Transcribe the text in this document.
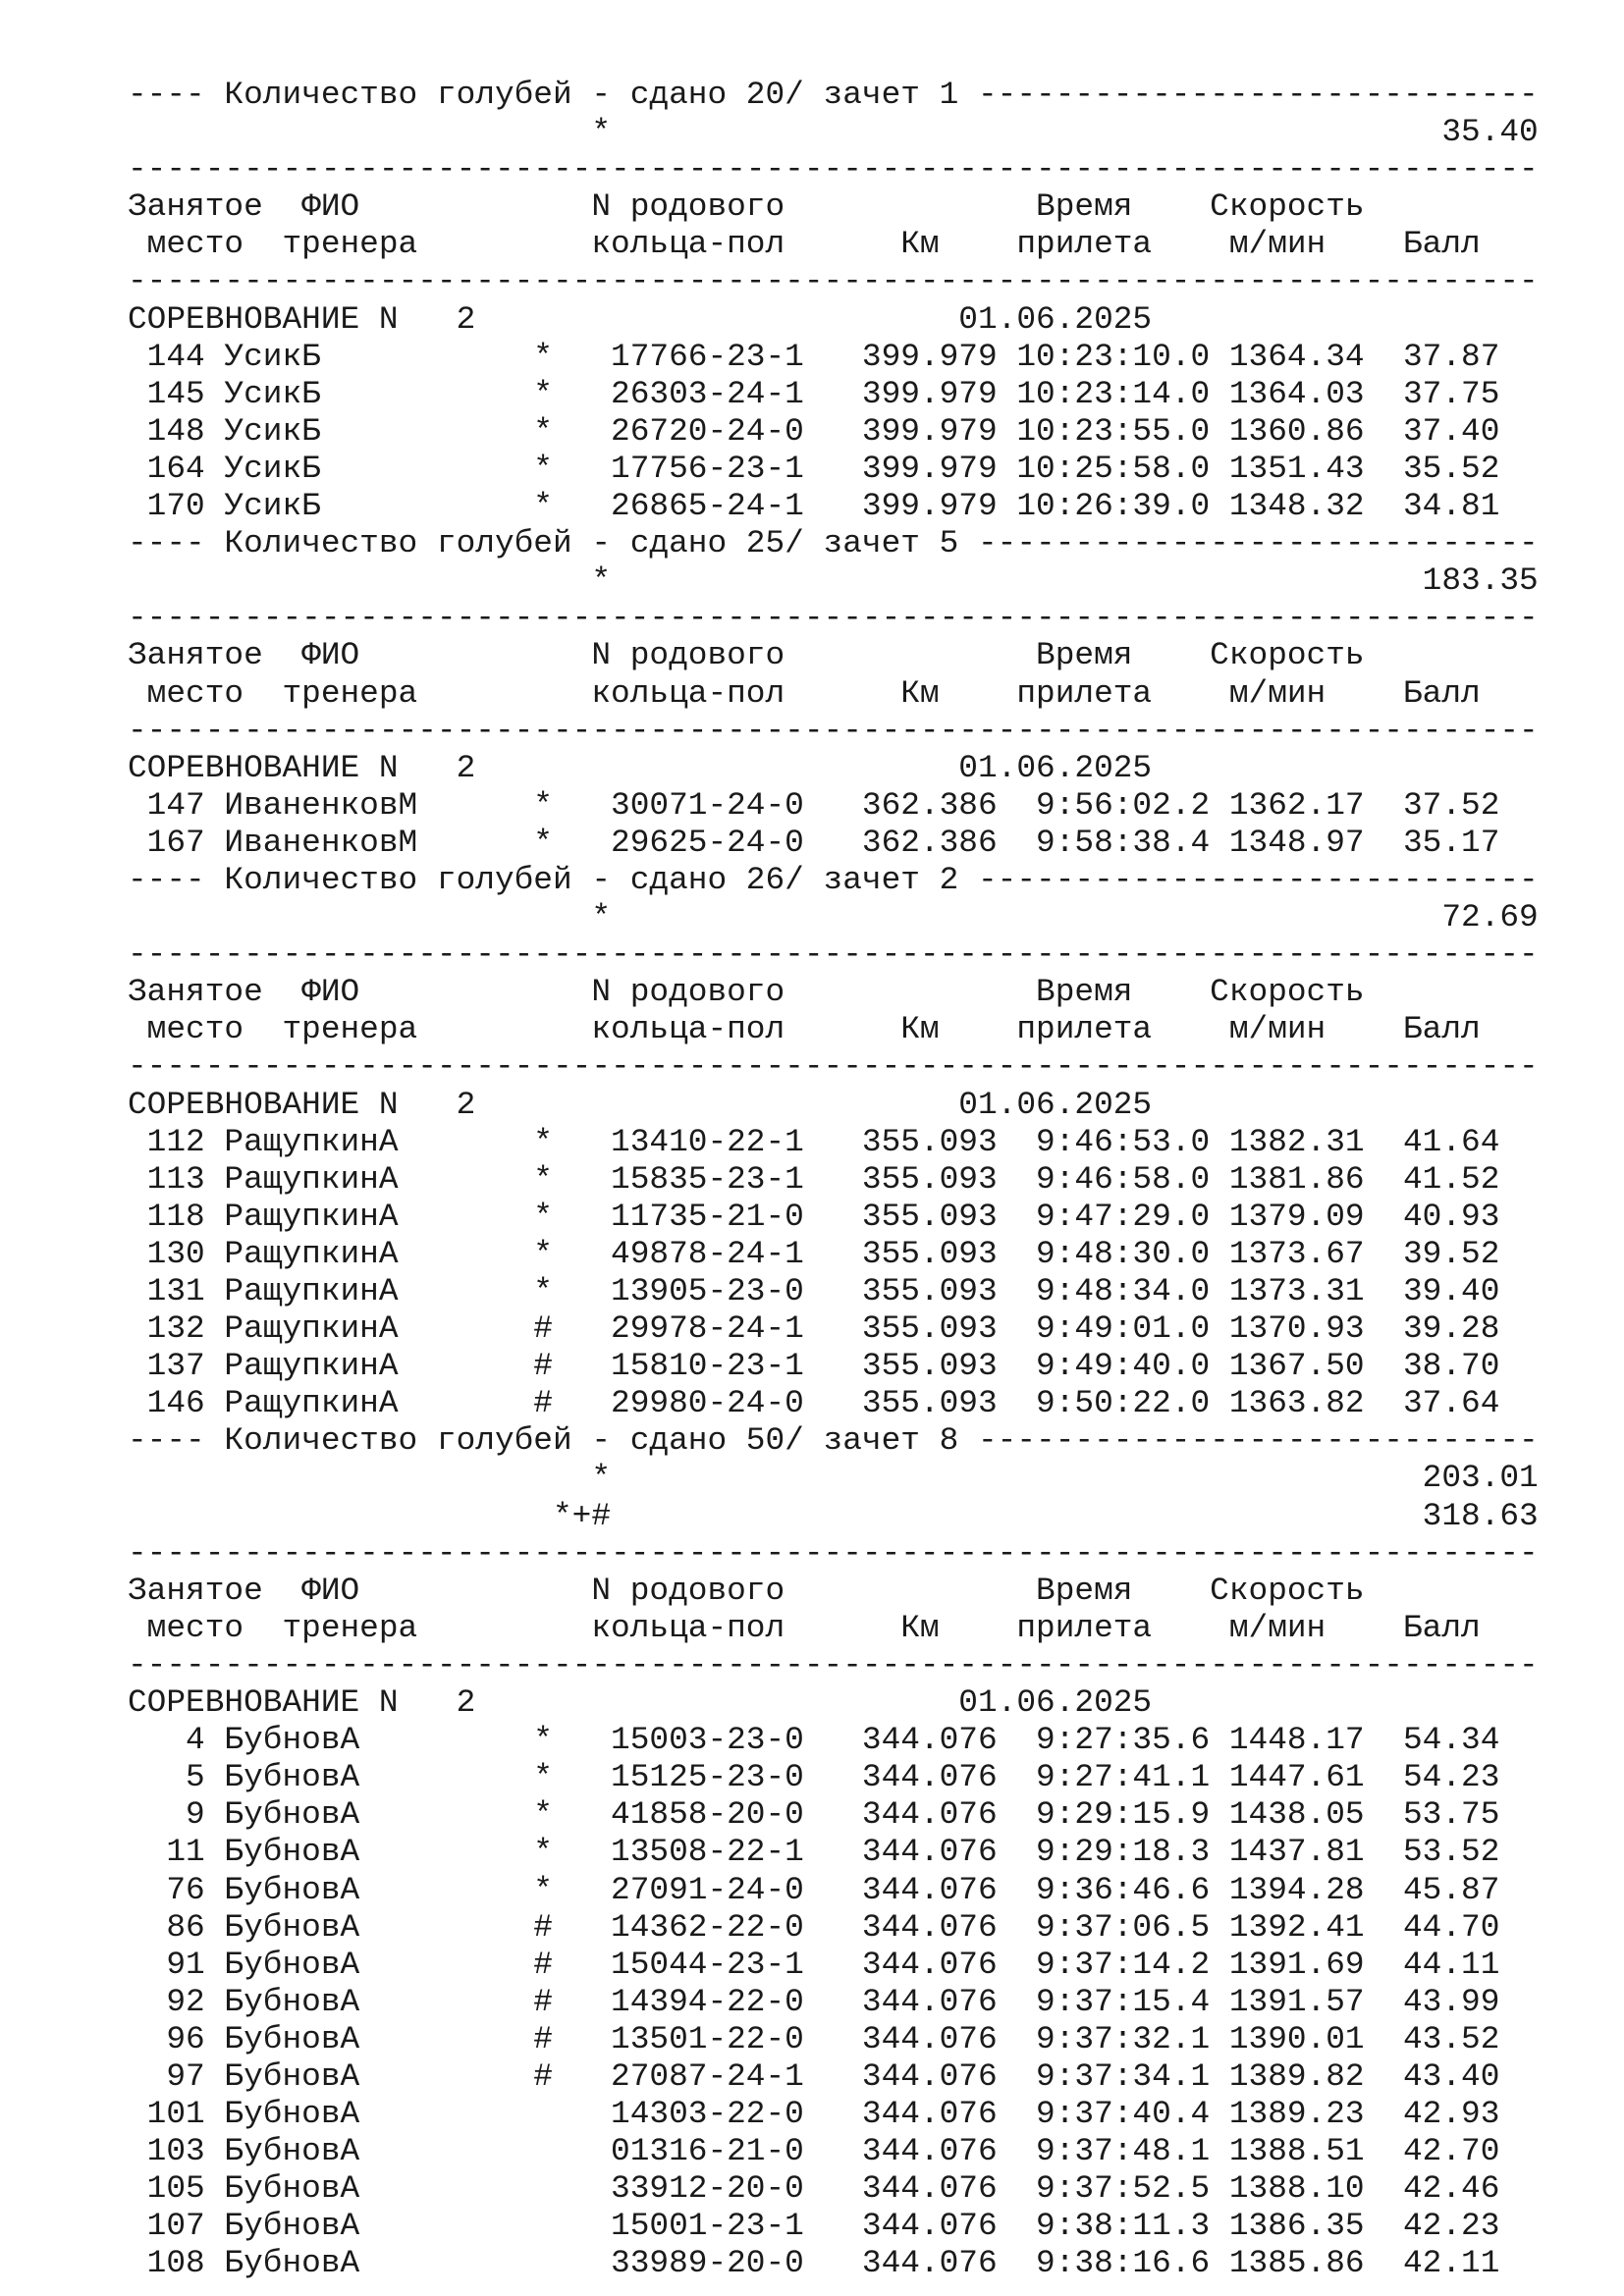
---- Количество голубей - сдано 20/ зачет 1 -----------------------------
*                                           35.40
-------------------------------------------------------------------------
Занятое  ФИО            N родового             Время    Скорость
место  тренера         кольца-пол      Км    прилета    м/мин    Балл
-------------------------------------------------------------------------
СОРЕВНОВАНИЕ N   2                         01.06.2025
144 УсикБ           *   17766-23-1   399.979 10:23:10.0 1364.34  37.87
145 УсикБ           *   26303-24-1   399.979 10:23:14.0 1364.03  37.75
148 УсикБ           *   26720-24-0   399.979 10:23:55.0 1360.86  37.40
164 УсикБ           *   17756-23-1   399.979 10:25:58.0 1351.43  35.52
170 УсикБ           *   26865-24-1   399.979 10:26:39.0 1348.32  34.81
---- Количество голубей - сдано 25/ зачет 5 -----------------------------
*                                          183.35
-------------------------------------------------------------------------
Занятое  ФИО            N родового             Время    Скорость
место  тренера         кольца-пол      Км    прилета    м/мин    Балл
-------------------------------------------------------------------------
СОРЕВНОВАНИЕ N   2                         01.06.2025
147 ИваненковМ      *   30071-24-0   362.386  9:56:02.2 1362.17  37.52
167 ИваненковМ      *   29625-24-0   362.386  9:58:38.4 1348.97  35.17
---- Количество голубей - сдано 26/ зачет 2 -----------------------------
*                                           72.69
-------------------------------------------------------------------------
Занятое  ФИО            N родового             Время    Скорость
место  тренера         кольца-пол      Км    прилета    м/мин    Балл
-------------------------------------------------------------------------
СОРЕВНОВАНИЕ N   2                         01.06.2025
112 РащупкинА       *   13410-22-1   355.093  9:46:53.0 1382.31  41.64
113 РащупкинА       *   15835-23-1   355.093  9:46:58.0 1381.86  41.52
118 РащупкинА       *   11735-21-0   355.093  9:47:29.0 1379.09  40.93
130 РащупкинА       *   49878-24-1   355.093  9:48:30.0 1373.67  39.52
131 РащупкинА       *   13905-23-0   355.093  9:48:34.0 1373.31  39.40
132 РащупкинА       #   29978-24-1   355.093  9:49:01.0 1370.93  39.28
137 РащупкинА       #   15810-23-1   355.093  9:49:40.0 1367.50  38.70
146 РащупкинА       #   29980-24-0   355.093  9:50:22.0 1363.82  37.64
---- Количество голубей - сдано 50/ зачет 8 -----------------------------
*                                          203.01
*+#                                          318.63
-------------------------------------------------------------------------
Занятое  ФИО            N родового             Время    Скорость
место  тренера         кольца-пол      Км    прилета    м/мин    Балл
-------------------------------------------------------------------------
СОРЕВНОВАНИЕ N   2                         01.06.2025
4 БубновА         *   15003-23-0   344.076  9:27:35.6 1448.17  54.34
5 БубновА         *   15125-23-0   344.076  9:27:41.1 1447.61  54.23
9 БубновА         *   41858-20-0   344.076  9:29:15.9 1438.05  53.75
11 БубновА         *   13508-22-1   344.076  9:29:18.3 1437.81  53.52
76 БубновА         *   27091-24-0   344.076  9:36:46.6 1394.28  45.87
86 БубновА         #   14362-22-0   344.076  9:37:06.5 1392.41  44.70
91 БубновА         #   15044-23-1   344.076  9:37:14.2 1391.69  44.11
92 БубновА         #   14394-22-0   344.076  9:37:15.4 1391.57  43.99
96 БубновА         #   13501-22-0   344.076  9:37:32.1 1390.01  43.52
97 БубновА         #   27087-24-1   344.076  9:37:34.1 1389.82  43.40
101 БубновА             14303-22-0   344.076  9:37:40.4 1389.23  42.93
103 БубновА             01316-21-0   344.076  9:37:48.1 1388.51  42.70
105 БубновА             33912-20-0   344.076  9:37:52.5 1388.10  42.46
107 БубновА             15001-23-1   344.076  9:38:11.3 1386.35  42.23
108 БубновА             33989-20-0   344.076  9:38:16.6 1385.86  42.11
